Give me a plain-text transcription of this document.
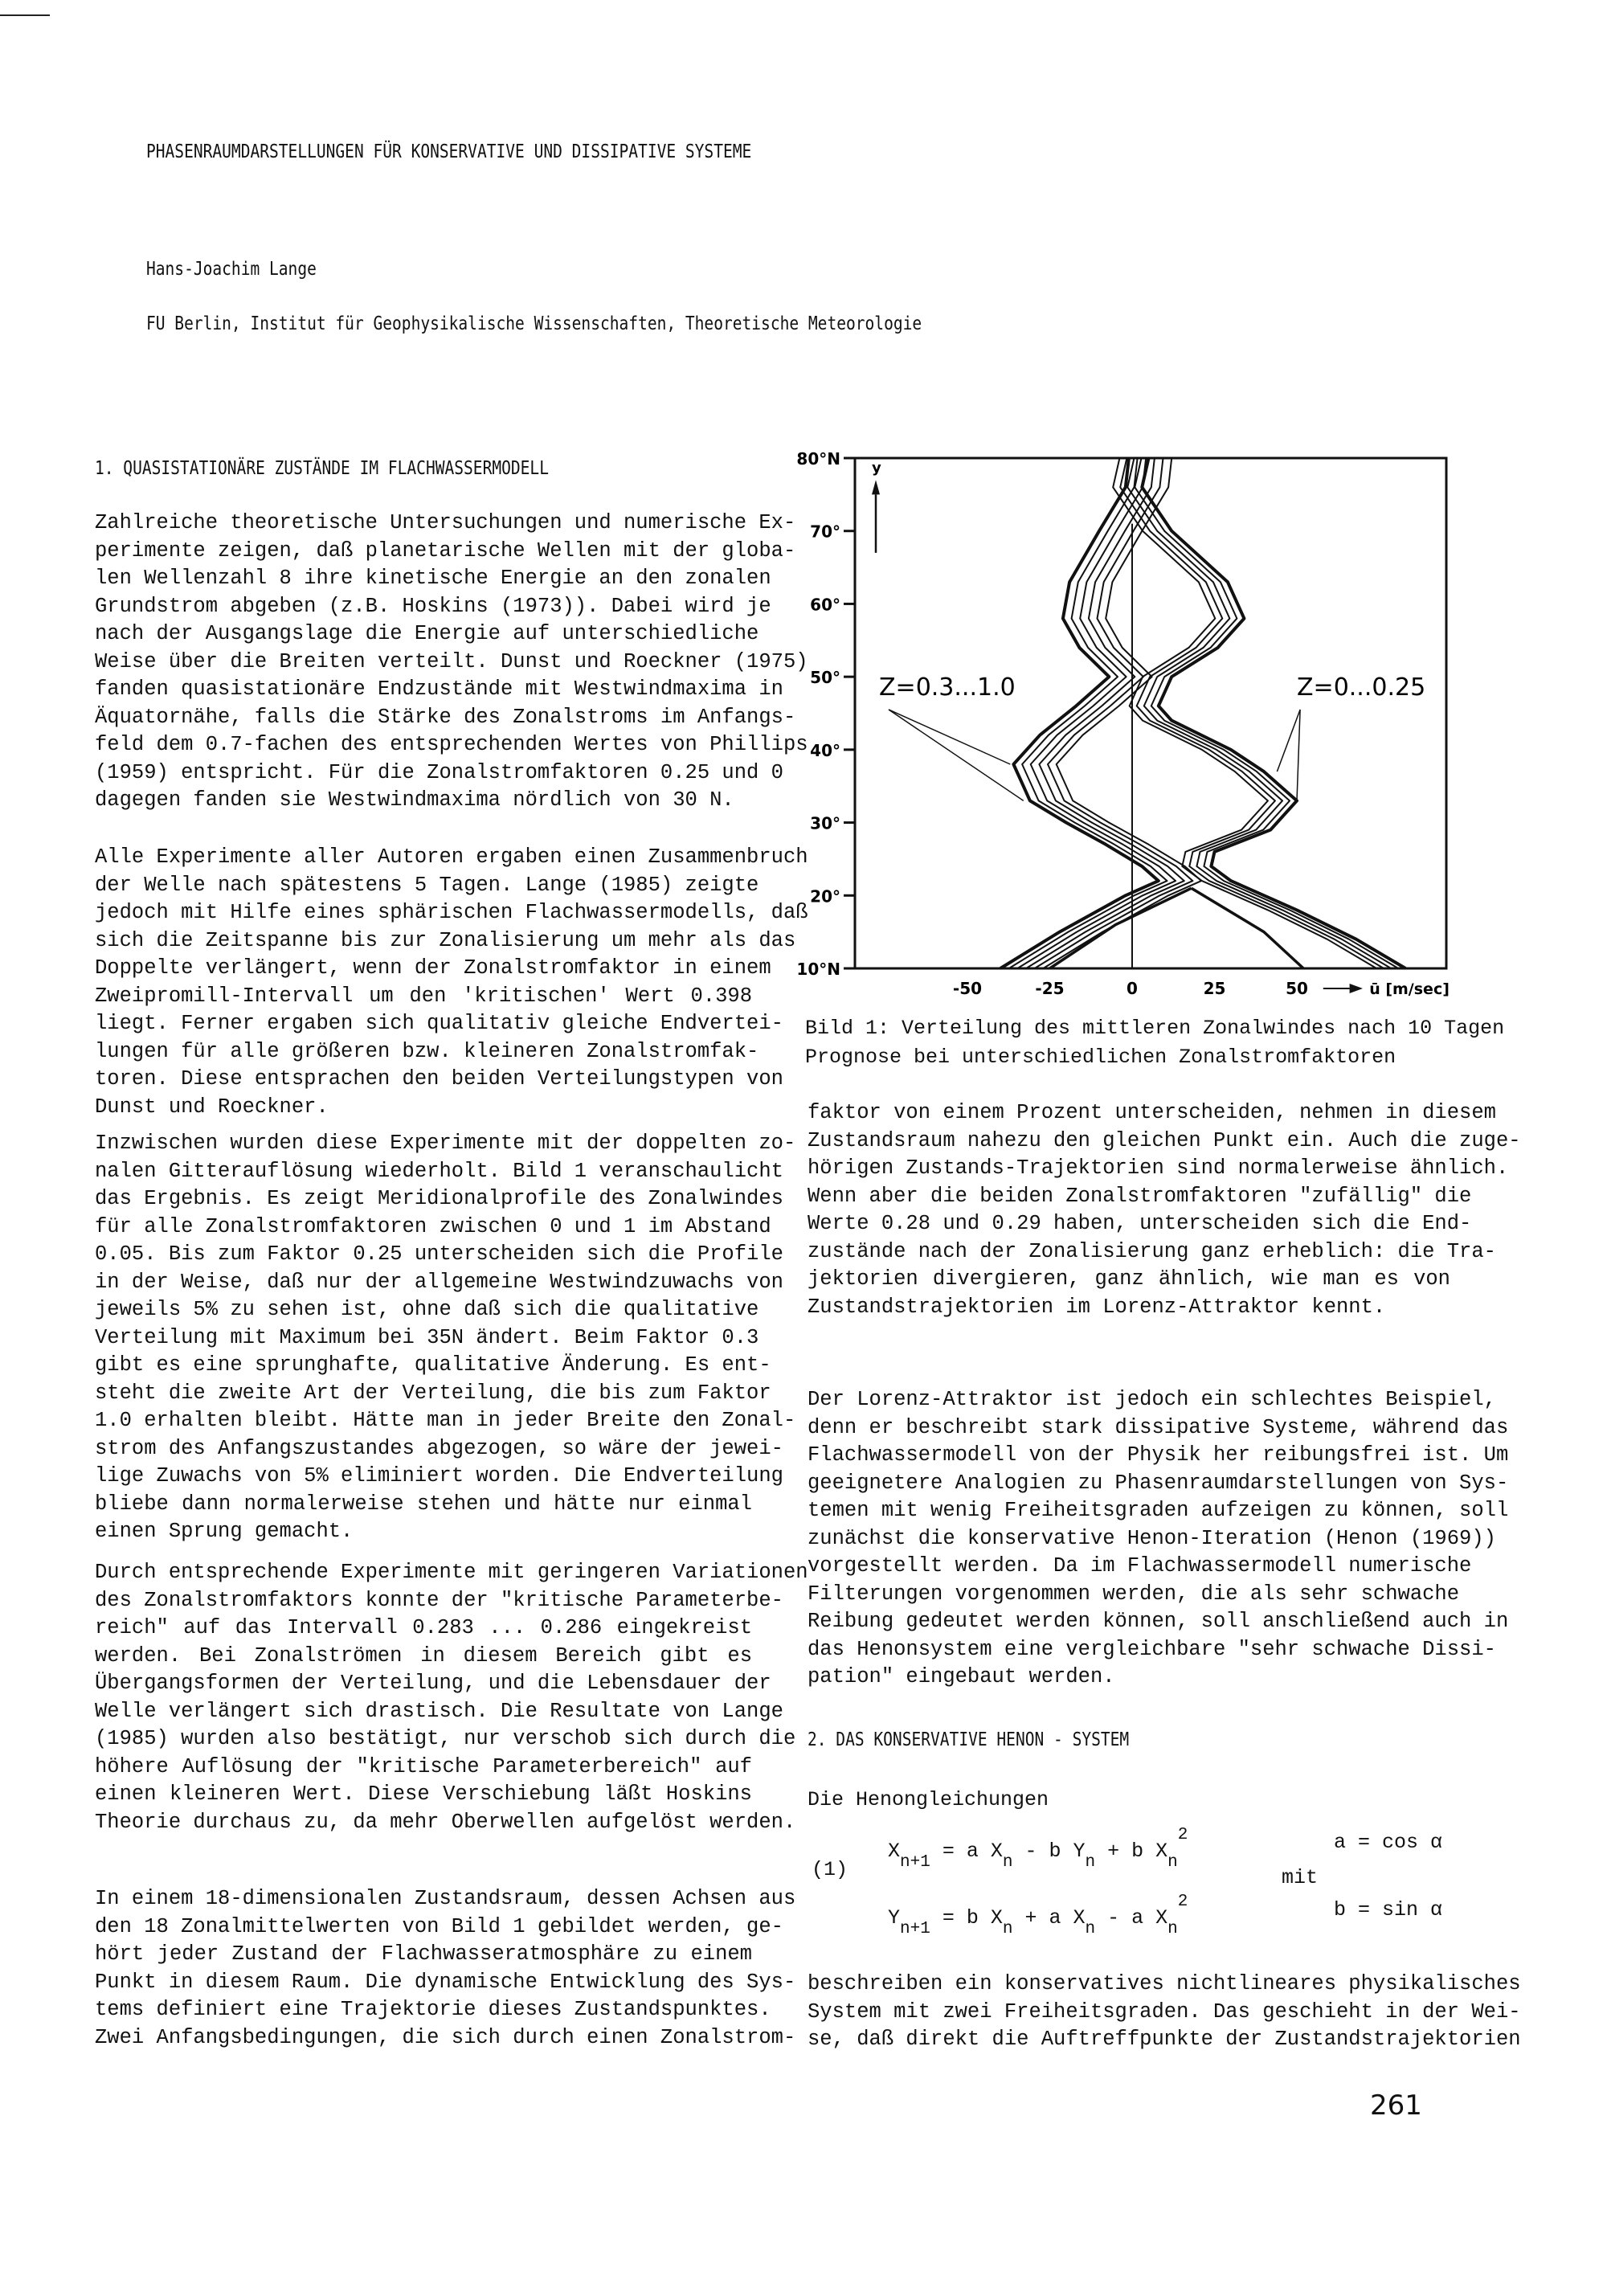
PHASENRAUMDARSTELLUNGEN FÜR KONSERVATIVE UND DISSIPATIVE SYSTEME
Hans-Joachim Lange
FU Berlin, Institut für Geophysikalische Wissenschaften, Theoretische Meteorologie
1. QUASISTATIONÄRE ZUSTÄNDE IM FLACHWASSERMODELL
Zahlreiche theoretische Untersuchungen und numerische Ex-
perimente zeigen, daß planetarische Wellen mit der globa-
len Wellenzahl 8 ihre kinetische Energie an den zonalen
Grundstrom abgeben (z.B. Hoskins (1973)). Dabei wird je
nach der Ausgangslage die Energie auf unterschiedliche
Weise über die Breiten verteilt. Dunst und Roeckner (1975)
fanden quasistationäre Endzustände mit Westwindmaxima in
Äquatornähe, falls die Stärke des Zonalstroms im Anfangs-
feld dem 0.7-fachen des entsprechenden Wertes von Phillips
(1959) entspricht. Für die Zonalstromfaktoren 0.25 und 0
dagegen fanden sie Westwindmaxima nördlich von 30 N.
Alle Experimente aller Autoren ergaben einen Zusammenbruch
der Welle nach spätestens 5 Tagen. Lange (1985) zeigte
jedoch mit Hilfe eines sphärischen Flachwassermodells, daß
sich die Zeitspanne bis zur Zonalisierung um mehr als das
Doppelte verlängert, wenn der Zonalstromfaktor in einem
Zweipromill-Intervall um den 'kritischen' Wert 0.398
liegt. Ferner ergaben sich qualitativ gleiche Endvertei-
lungen für alle größeren bzw. kleineren Zonalstromfak-
toren. Diese entsprachen den beiden Verteilungstypen von
Dunst und Roeckner.
Inzwischen wurden diese Experimente mit der doppelten zo-
nalen Gitterauflösung wiederholt. Bild 1 veranschaulicht
das Ergebnis. Es zeigt Meridionalprofile des Zonalwindes
für alle Zonalstromfaktoren zwischen 0 und 1 im Abstand
0.05. Bis zum Faktor 0.25 unterscheiden sich die Profile
in der Weise, daß nur der allgemeine Westwindzuwachs von
jeweils 5% zu sehen ist, ohne daß sich die qualitative
Verteilung mit Maximum bei 35N ändert. Beim Faktor 0.3
gibt es eine sprunghafte, qualitative Änderung. Es ent-
steht die zweite Art der Verteilung, die bis zum Faktor
1.0 erhalten bleibt. Hätte man in jeder Breite den Zonal-
strom des Anfangszustandes abgezogen, so wäre der jewei-
lige Zuwachs von 5% eliminiert worden. Die Endverteilung
bliebe dann normalerweise stehen und hätte nur einmal
einen Sprung gemacht.
Durch entsprechende Experimente mit geringeren Variationen
des Zonalstromfaktors konnte der "kritische Parameterbe-
reich" auf das Intervall 0.283 ... 0.286 eingekreist
werden. Bei Zonalströmen in diesem Bereich gibt es
Übergangsformen der Verteilung, und die Lebensdauer der
Welle verlängert sich drastisch. Die Resultate von Lange
(1985) wurden also bestätigt, nur verschob sich durch die
höhere Auflösung der "kritische Parameterbereich" auf
einen kleineren Wert. Diese Verschiebung läßt Hoskins
Theorie durchaus zu, da mehr Oberwellen aufgelöst werden.
In einem 18-dimensionalen Zustandsraum, dessen Achsen aus
den 18 Zonalmittelwerten von Bild 1 gebildet werden, ge-
hört jeder Zustand der Flachwasseratmosphäre zu einem
Punkt in diesem Raum. Die dynamische Entwicklung des Sys-
tems definiert eine Trajektorie dieses Zustandspunktes.
Zwei Anfangsbedingungen, die sich durch einen Zonalstrom-
faktor von einem Prozent unterscheiden, nehmen in diesem
Zustandsraum nahezu den gleichen Punkt ein. Auch die zuge-
hörigen Zustands-Trajektorien sind normalerweise ähnlich.
Wenn aber die beiden Zonalstromfaktoren "zufällig" die
Werte 0.28 und 0.29 haben, unterscheiden sich die End-
zustände nach der Zonalisierung ganz erheblich: die Tra-
jektorien divergieren, ganz ähnlich, wie man es von
Zustandstrajektorien im Lorenz-Attraktor kennt.
Der Lorenz-Attraktor ist jedoch ein schlechtes Beispiel,
denn er beschreibt stark dissipative Systeme, während das
Flachwassermodell von der Physik her reibungsfrei ist. Um
geeignetere Analogien zu Phasenraumdarstellungen von Sys-
temen mit wenig Freiheitsgraden aufzeigen zu können, soll
zunächst die konservative Henon-Iteration (Henon (1969))
vorgestellt werden. Da im Flachwassermodell numerische
Filterungen vorgenommen werden, die als sehr schwache
Reibung gedeutet werden können, soll anschließend auch in
das Henonsystem eine vergleichbare "sehr schwache Dissi-
pation" eingebaut werden.
beschreiben ein konservatives nichtlineares physikalisches
System mit zwei Freiheitsgraden. Das geschieht in der Wei-
se, daß direkt die Auftreffpunkte der Zustandstrajektorien
80°N
70°
60°
50°
40°
30°
20°
10°N
-50	-25	0	25	50	ū [m/sec]
y
Z=0.3...1.0	Z=0...0.25
Bild 1: Verteilung des mittleren Zonalwindes nach 10 Tagen
Prognose bei unterschiedlichen Zonalstromfaktoren
2. DAS KONSERVATIVE HENON - SYSTEM
Die Henongleichungen
(1)
$X_{n+1} = a$ $X_n$ - b $Y_n + b$ $X_n^2$
$Y_{n+1} = b$ $X_n + a$ $X_n$ - a $X_n^2$
mit
a = cos α
b = sin α
261
